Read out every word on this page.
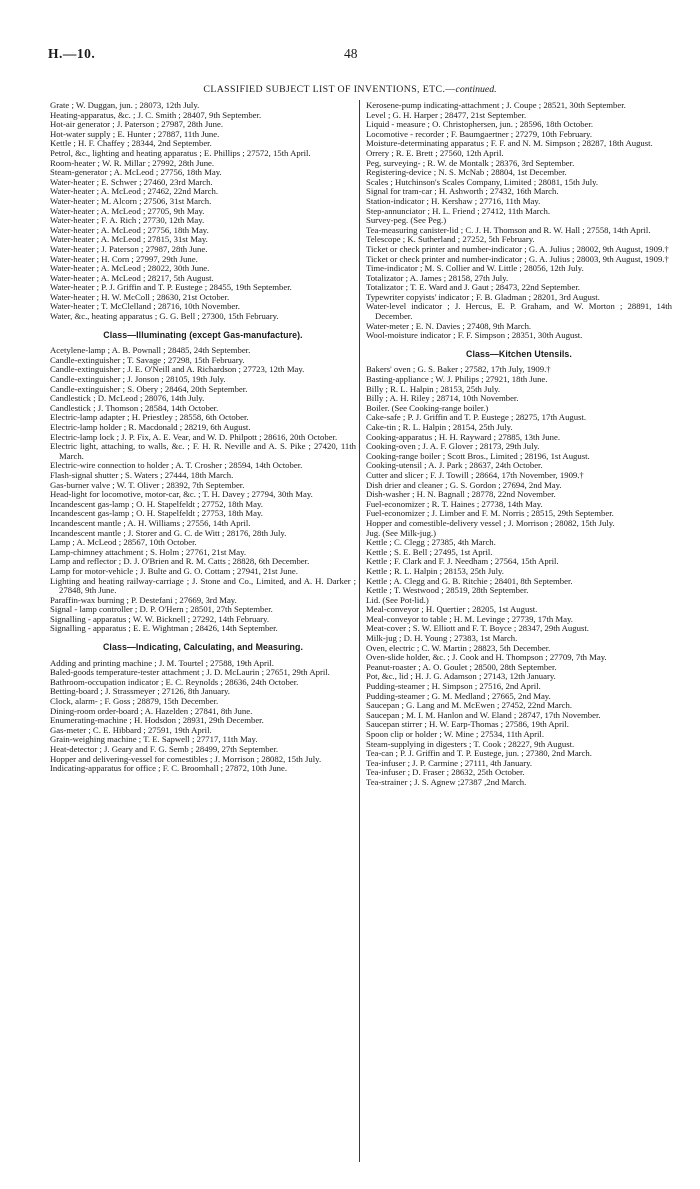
H.—10.	48
CLASSIFIED SUBJECT LIST OF INVENTIONS, ETC.—continued.

Grate ; W. Duggan, jun. ; 28073, 12th July.

Heating-apparatus, &c. ; J. C. Smith ; 28407, 9th September.

Hot-air generator ; J. Paterson ; 27987, 28th June.

Hot-water supply ; E. Hunter ; 27887, 11th June.

Kettle ; H. F. Chaffey ; 28344, 2nd September.

Petrol, &c., lighting and heating apparatus ; E. Phillips ; 27572, 15th April.

Room-heater ; W. R. Millar ; 27992, 28th June.

Steam-generator ; A. McLeod ; 27756, 18th May.

Water-heater ; E. Schwer ; 27460, 23rd March.

Water-heater ; A. McLeod ; 27462, 22nd March.

Water-heater ; M. Alcorn ; 27506, 31st March.

Water-heater ; A. McLeod ; 27705, 9th May.

Water-heater ; F. A. Rich ; 27730, 12th May.

Water-heater ; A. McLeod ; 27756, 18th May.

Water-heater ; A. McLeod ; 27815, 31st May.

Water-heater ; J. Paterson ; 27987, 28th June.

Water-heater ; H. Corn ; 27997, 29th June.

Water-heater ; A. McLeod ; 28022, 30th June.

Water-heater ; A. McLeod ; 28217, 5th August.

Water-heater ; P. J. Griffin and T. P. Eustege ; 28455, 19th September.

Water-heater ; H. W. McColl ; 28630, 21st October.

Water-heater ; T. McClelland ; 28716, 10th November.

Water, &c., heating apparatus ; G. G. Bell ; 27300, 15th February.

Class—Illuminating (except Gas-manufacture).

Acetylene-lamp ; A. B. Pownall ; 28485, 24th September.

Candle-extinguisher ; T. Savage ; 27298, 15th February.

Candle-extinguisher ; J. E. O'Neill and A. Richardson ; 27723, 12th May.

Candle-extinguisher ; J. Jonson ; 28105, 19th July.

Candle-extinguisher ; S. Obery ; 28464, 20th September.

Candlestick ; D. McLeod ; 28076, 14th July.

Candlestick ; J. Thomson ; 28584, 14th October.

Electric-lamp adapter ; H. Priestley ; 28558, 6th October.

Electric-lamp holder ; R. Macdonald ; 28219, 6th August.

Electric-lamp lock ; J. P. Fix, A. E. Vear, and W. D. Philpott ; 28616, 20th October.

Electric light, attaching, to walls, &c. ; F. H. R. Neville and A. S. Pike ; 27420, 11th March.

Electric-wire connection to holder ; A. T. Crosher ; 28594, 14th October.

Flash-signal shutter ; S. Waters ; 27444, 18th March.

Gas-burner valve ; W. T. Oliver ; 28392, 7th September.

Head-light for locomotive, motor-car, &c. ; T. H. Davey ; 27794, 30th May.

Incandescent gas-lamp ; O. H. Stapelfeldt ; 27752, 18th May.

Incandescent gas-lamp ; O. H. Stapelfeldt ; 27753, 18th May.

Incandescent mantle ; A. H. Williams ; 27556, 14th April.

Incandescent mantle ; J. Storer and G. C. de Witt ; 28176, 28th July.

Lamp ; A. McLeod ; 28567, 10th October.

Lamp-chimney attachment ; S. Holm ; 27761, 21st May.

Lamp and reflector ; D. J. O'Brien and R. M. Catts ; 28828, 6th December.

Lamp for motor-vehicle ; J. Bulte and G. O. Cottam ; 27941, 21st June.

Lighting and heating railway-carriage ; J. Stone and Co., Limited, and A. H. Darker ; 27848, 9th June.

Paraffin-wax burning ; P. Destefani ; 27669, 3rd May.

Signal - lamp controller ; D. P. O'Hern ; 28501, 27th September.

Signalling - apparatus ; W. W. Bicknell ; 27292, 14th February.

Signalling - apparatus ; E. E. Wightman ; 28426, 14th September.

Class—Indicating, Calculating, and Measuring.

Adding and printing machine ; J. M. Tourtel ; 27588, 19th April.

Baled-goods temperature-tester attachment ; J. D. McLaurin ; 27651, 29th April.

Bathroom-occupation indicator ; E. C. Reynolds ; 28636, 24th October.

Betting-board ; J. Strassmeyer ; 27126, 8th January.

Clock, alarm- ; F. Goss ; 28879, 15th December.

Dining-room order-board ; A. Hazelden ; 27841, 8th June.

Enumerating-machine ; H. Hodsdon ; 28931, 29th December.

Gas-meter ; C. E. Hibbard ; 27591, 19th April.

Grain-weighing machine ; T. E. Sapwell ; 27717, 11th May.

Heat-detector ; J. Geary and F. G. Semb ; 28499, 27th September.

Hopper and delivering-vessel for comestibles ; J. Morrison ; 28082, 15th July.

Indicating-apparatus for office ; F. C. Broomhall ; 27872, 10th June.

Kerosene-pump indicating-attachment ; J. Coupe ; 28521, 30th September.

Level ; G. H. Harper ; 28477, 21st September.

Liquid - measure ; O. Christophersen, jun. ; 28596, 18th October.

Locomotive - recorder ; F. Baumgaertner ; 27279, 10th February.

Moisture-determinating apparatus ; F. F. and N. M. Simpson ; 28287, 18th August.

Orrery ; R. E. Brett ; 27560, 12th April.

Peg, surveying- ; R. W. de Montalk ; 28376, 3rd September.

Registering-device ; N. S. McNab ; 28804, 1st December.

Scales ; Hutchinson's Scales Company, Limited ; 28081, 15th July.

Signal for tram-car ; H. Ashworth ; 27432, 16th March.

Station-indicator ; H. Kershaw ; 27716, 11th May.

Step-annunciator ; H. L. Friend ; 27412, 11th March.

Survey-peg. (See Peg.)

Tea-measuring canister-lid ; C. J. H. Thomson and R. W. Hall ; 27558, 14th April.

Telescope ; K. Sutherland ; 27252, 5th February.

Ticket or check printer and number-indicator ; G. A. Julius ; 28002, 9th August, 1909.†

Ticket or check printer and number-indicator ; G. A. Julius ; 28003, 9th August, 1909.†

Time-indicator ; M. S. Collier and W. Little ; 28056, 12th July.

Totalizator ; A. James ; 28158, 27th July.

Totalizator ; T. E. Ward and J. Gaut ; 28473, 22nd September.

Typewriter copyists' indicator ; F. B. Gladman ; 28201, 3rd August.

Water-level indicator ; J. Hercus, E. P. Graham, and W. Morton ; 28891, 14th December.

Water-meter ; E. N. Davies ; 27408, 9th March.

Wool-moisture indicator ; F. F. Simpson ; 28351, 30th August.

Class—Kitchen Utensils.

Bakers' oven ; G. S. Baker ; 27582, 17th July, 1909.†

Basting-appliance ; W. J. Philips ; 27921, 18th June.

Billy ; R. L. Halpin ; 28153, 25th July.

Billy ; A. H. Riley ; 28714, 10th November.

Boiler. (See Cooking-range boiler.)

Cake-safe ; P. J. Griffin and T. P. Eustege ; 28275, 17th August.

Cake-tin ; R. L. Halpin ; 28154, 25th July.

Cooking-apparatus ; H. H. Rayward ; 27885, 13th June.

Cooking-oven ; J. A. F. Glover ; 28173, 29th July.

Cooking-range boiler ; Scott Bros., Limited ; 28196, 1st August.

Cooking-utensil ; A. J. Park ; 28637, 24th October.

Cutter and slicer ; F. J. Towill ; 28664, 17th November, 1909.†

Dish drier and cleaner ; G. S. Gordon ; 27694, 2nd May.

Dish-washer ; H. N. Bagnall ; 28778, 22nd November.

Fuel-economizer ; R. T. Haines ; 27738, 14th May.

Fuel-economizer ; J. Limber and F. M. Norris ; 28515, 29th September.

Hopper and comestible-delivery vessel ; J. Morrison ; 28082, 15th July.

Jug. (See Milk-jug.)

Kettle ; C. Clegg ; 27385, 4th March.

Kettle ; S. E. Bell ; 27495, 1st April.

Kettle ; F. Clark and F. J. Needham ; 27564, 15th April.

Kettle ; R. L. Halpin ; 28153, 25th July.

Kettle ; A. Clegg and G. B. Ritchie ; 28401, 8th September.

Kettle ; T. Westwood ; 28519, 28th September.

Lid. (See Pot-lid.)

Meal-conveyor ; H. Quertier ; 28205, 1st August.

Meal-conveyor to table ; H. M. Levinge ; 27739, 17th May.

Meat-cover ; S. W. Elliott and F. T. Boyce ; 28347, 29th August.

Milk-jug ; D. H. Young ; 27383, 1st March.

Oven, electric ; C. W. Martin ; 28823, 5th December.

Oven-slide holder, &c. ; J. Cook and H. Thompson ; 27709, 7th May.

Peanut-roaster ; A. O. Goulet ; 28500, 28th September.

Pot, &c., lid ; H. J. G. Adamson ; 27143, 12th January.

Pudding-steamer ; H. Simpson ; 27516, 2nd April.

Pudding-steamer ; G. M. Medland ; 27665, 2nd May.

Saucepan ; G. Lang and M. McEwen ; 27452, 22nd March.

Saucepan ; M. I. M. Hanlon and W. Eland ; 28747, 17th November.

Saucepan stirrer ; H. W. Earp-Thomas ; 27586, 19th April.

Spoon clip or holder ; W. Mine ; 27534, 11th April.

Steam-supplying in digesters ; T. Cook ; 28227, 9th August.

Tea-can ; P. J. Griffin and T. P. Eustege, jun. ; 27380, 2nd March.

Tea-infuser ; J. P. Carmine ; 27111, 4th January.

Tea-infuser ; D. Fraser ; 28632, 25th October.

Tea-strainer ; J. S. Agnew ;27387 ,2nd March.
